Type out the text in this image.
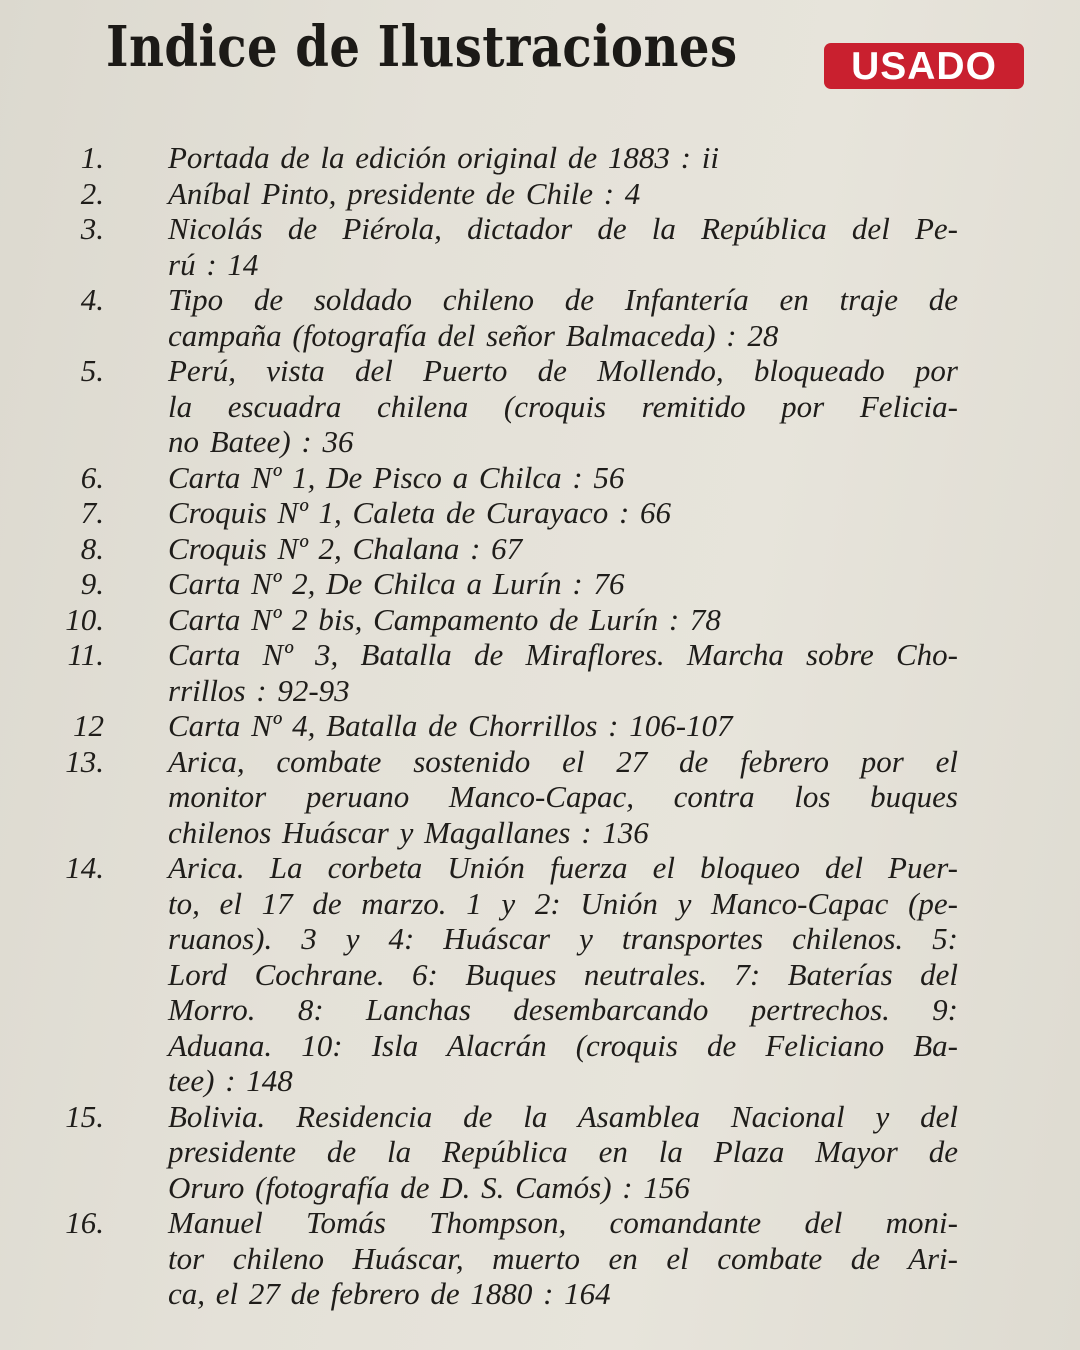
Indice de Ilustraciones	USADO
1. Portada de la edición original de 1883 : ii
2. Aníbal Pinto, presidente de Chile : 4
3. Nicolás de Piérola, dictador de la República del Pe-
rú : 14
4. Tipo de soldado chileno de Infantería en traje de
campaña (fotografía del señor Balmaceda) : 28
5. Perú, vista del Puerto de Mollendo, bloqueado por
la escuadra chilena (croquis remitido por Felicia-
no Batee) : 36
6. Carta Nº 1, De Pisco a Chilca : 56
7. Croquis Nº 1, Caleta de Curayaco : 66
8. Croquis Nº 2, Chalana : 67
9. Carta Nº 2, De Chilca a Lurín : 76
10. Carta Nº 2 bis, Campamento de Lurín : 78
11. Carta Nº 3, Batalla de Miraflores. Marcha sobre Cho-
rrillos : 92-93
12 Carta Nº 4, Batalla de Chorrillos : 106-107
13. Arica, combate sostenido el 27 de febrero por el
monitor peruano Manco-Capac, contra los buques
chilenos Huáscar y Magallanes : 136
14. Arica. La corbeta Unión fuerza el bloqueo del Puer-
to, el 17 de marzo. 1 y 2: Unión y Manco-Capac (pe-
ruanos). 3 y 4: Huáscar y transportes chilenos. 5:
Lord Cochrane. 6: Buques neutrales. 7: Baterías del
Morro. 8: Lanchas desembarcando pertrechos. 9:
Aduana. 10: Isla Alacrán (croquis de Feliciano Ba-
tee) : 148
15. Bolivia. Residencia de la Asamblea Nacional y del
presidente de la República en la Plaza Mayor de
Oruro (fotografía de D. S. Camós) : 156
16. Manuel Tomás Thompson, comandante del moni-
tor chileno Huáscar, muerto en el combate de Ari-
ca, el 27 de febrero de 1880 : 164
